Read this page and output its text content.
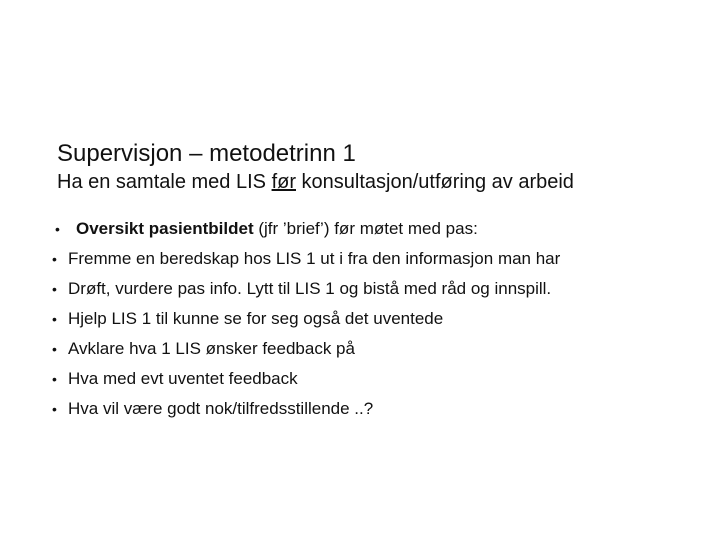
Supervisjon – metodetrinn 1
Ha en samtale med LIS før konsultasjon/utføring av arbeid
• Oversikt pasientbildet (jfr ’brief’) før møtet med pas:
• Fremme en beredskap hos LIS 1 ut i fra den informasjon man har
• Drøft, vurdere pas info. Lytt til LIS 1 og bistå med råd og innspill.
• Hjelp LIS 1 til kunne se for seg også det uventede
• Avklare hva 1 LIS ønsker feedback på
• Hva med evt uventet feedback
• Hva vil være godt nok/tilfredsstillende ..?
